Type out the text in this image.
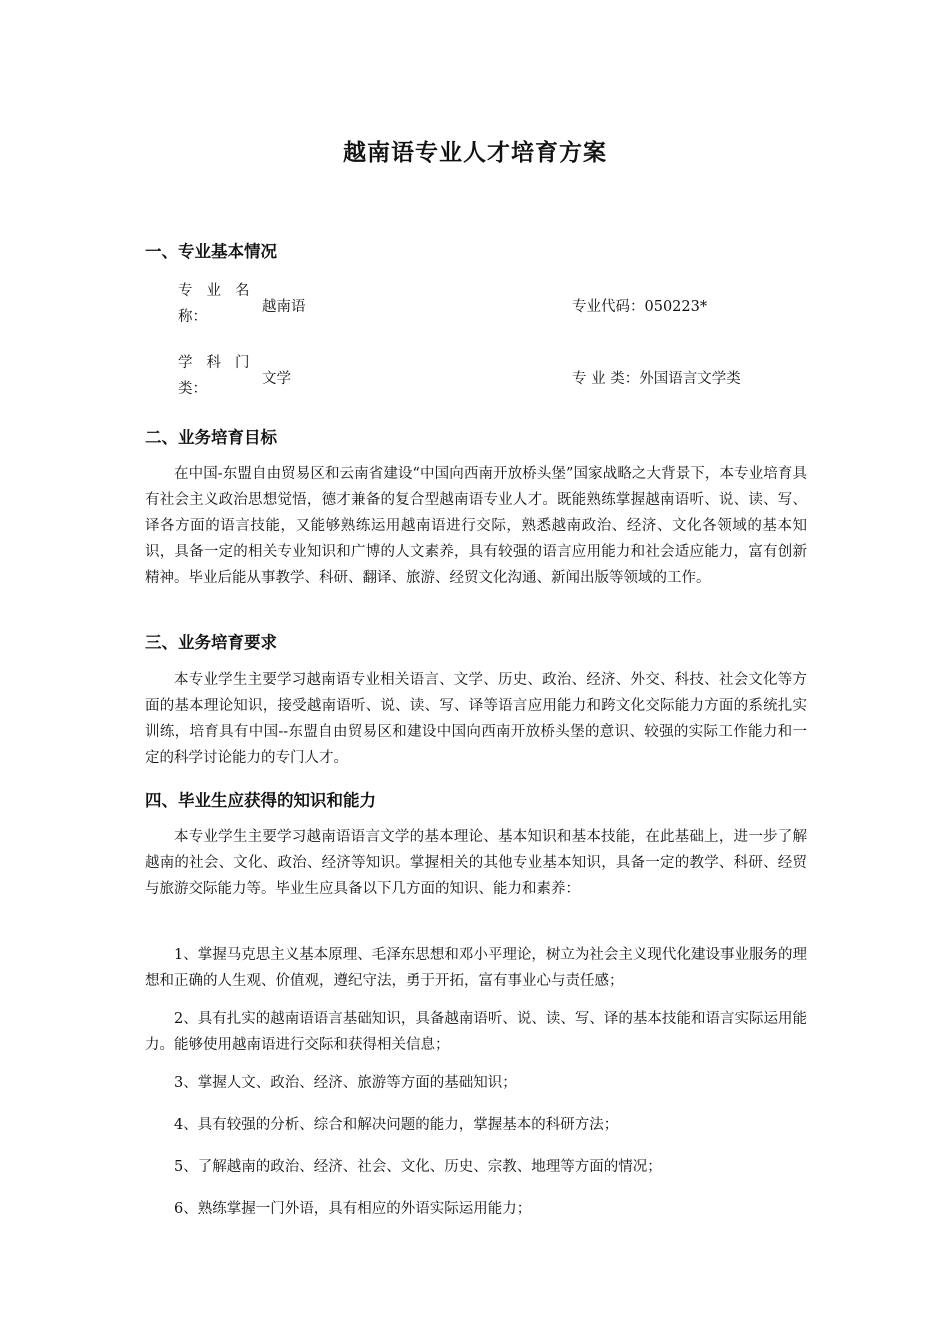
越南语专业人才培育方案
一、专业基本情况
专业名
称：
越南语	专业代码：050223*
学科门
类：
文学	专 业 类：外国语言文学类
二、业务培育目标

在中国-东盟自由贸易区和云南省建设“中国向西南开放桥头堡”国家战略之大背景下，本专业培育具有社会主义政治思想觉悟，德才兼备的复合型越南语专业人才。既能熟练掌握越南语听、说、读、写、译各方面的语言技能，又能够熟练运用越南语进行交际，熟悉越南政治、经济、文化各领域的基本知识，具备一定的相关专业知识和广博的人文素养，具有较强的语言应用能力和社会适应能力，富有创新精神。毕业后能从事教学、科研、翻译、旅游、经贸文化沟通、新闻出版等领域的工作。

三、业务培育要求

本专业学生主要学习越南语专业相关语言、文学、历史、政治、经济、外交、科技、社会文化等方面的基本理论知识，接受越南语听、说、读、写、译等语言应用能力和跨文化交际能力方面的系统扎实训练，培育具有中国--东盟自由贸易区和建设中国向西南开放桥头堡的意识、较强的实际工作能力和一定的科学讨论能力的专门人才。

四、毕业生应获得的知识和能力

本专业学生主要学习越南语语言文学的基本理论、基本知识和基本技能，在此基础上，进一步了解越南的社会、文化、政治、经济等知识。掌握相关的其他专业基本知识，具备一定的教学、科研、经贸与旅游交际能力等。毕业生应具备以下几方面的知识、能力和素养：

1、掌握马克思主义基本原理、毛泽东思想和邓小平理论，树立为社会主义现代化建设事业服务的理想和正确的人生观、价值观，遵纪守法，勇于开拓，富有事业心与责任感；

2、具有扎实的越南语语言基础知识，具备越南语听、说、读、写、译的基本技能和语言实际运用能力。能够使用越南语进行交际和获得相关信息；

3、掌握人文、政治、经济、旅游等方面的基础知识；

4、具有较强的分析、综合和解决问题的能力，掌握基本的科研方法；

5、了解越南的政治、经济、社会、文化、历史、宗教、地理等方面的情况；

6、熟练掌握一门外语，具有相应的外语实际运用能力；
